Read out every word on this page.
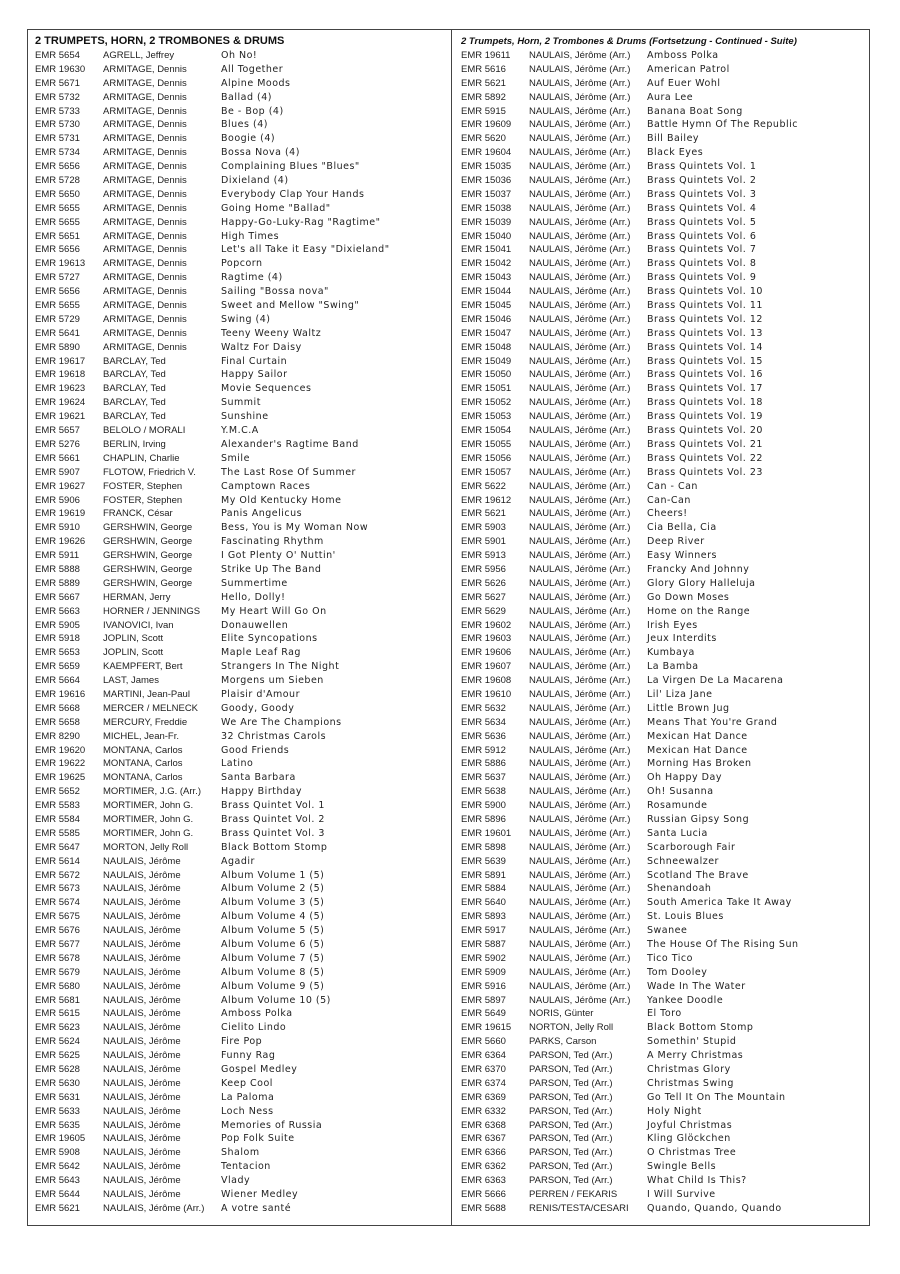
2 TRUMPETS, HORN, 2 TROMBONES & DRUMS
EMR 5654 AGRELL, Jeffrey	Oh No!
EMR 19630 ARMITAGE, Dennis	All Together
EMR 5671 ARMITAGE, Dennis	Alpine Moods
EMR 5732 ARMITAGE, Dennis	Ballad (4)
EMR 5733 ARMITAGE, Dennis	Be - Bop (4)
EMR 5730 ARMITAGE, Dennis	Blues (4)
EMR 5731 ARMITAGE, Dennis	Boogie (4)
EMR 5734 ARMITAGE, Dennis	Bossa Nova (4)
EMR 5656 ARMITAGE, Dennis	Complaining Blues "Blues"
EMR 5728 ARMITAGE, Dennis	Dixieland (4)
EMR 5650 ARMITAGE, Dennis	Everybody Clap Your Hands
EMR 5655 ARMITAGE, Dennis	Going Home "Ballad"
EMR 5655 ARMITAGE, Dennis	Happy-Go-Luky-Rag "Ragtime"
EMR 5651 ARMITAGE, Dennis	High Times
EMR 5656 ARMITAGE, Dennis	Let's all Take it Easy "Dixieland"
EMR 19613 ARMITAGE, Dennis	Popcorn
EMR 5727 ARMITAGE, Dennis	Ragtime (4)
EMR 5656 ARMITAGE, Dennis	Sailing "Bossa nova"
EMR 5655 ARMITAGE, Dennis	Sweet and Mellow "Swing"
EMR 5729 ARMITAGE, Dennis	Swing (4)
EMR 5641 ARMITAGE, Dennis	Teeny Weeny Waltz
EMR 5890 ARMITAGE, Dennis	Waltz For Daisy
EMR 19617 BARCLAY, Ted	Final Curtain
EMR 19618 BARCLAY, Ted	Happy Sailor
EMR 19623 BARCLAY, Ted	Movie Sequences
EMR 19624 BARCLAY, Ted	Summit
EMR 19621 BARCLAY, Ted	Sunshine
EMR 5657 BELOLO / MORALI	Y.M.C.A
EMR 5276 BERLIN, Irving	Alexander's Ragtime Band
EMR 5661 CHAPLIN, Charlie	Smile
EMR 5907 FLOTOW, Friedrich V.	The Last Rose Of Summer
EMR 19627 FOSTER, Stephen	Camptown Races
EMR 5906 FOSTER, Stephen	My Old Kentucky Home
EMR 19619 FRANCK, César	Panis Angelicus
EMR 5910 GERSHWIN, George	Bess, You is My Woman Now
EMR 19626 GERSHWIN, George	Fascinating Rhythm
EMR 5911	GERSHWIN, George	I Got Plenty O' Nuttin'
EMR 5888 GERSHWIN, George	Strike Up The Band
EMR 5889 GERSHWIN, George	Summertime
EMR 5667 HERMAN, Jerry	Hello, Dolly!
EMR 5663 HORNER / JENNINGS	My Heart Will Go On
EMR 5905 IVANOVICI, Ivan	Donauwellen
EMR 5918 JOPLIN, Scott	Elite Syncopations
EMR 5653 JOPLIN, Scott	Maple Leaf Rag
EMR 5659 KAEMPFERT, Bert	Strangers In The Night
EMR 5664 LAST, James	Morgens um Sieben
EMR 19616 MARTINI, Jean-Paul	Plaisir d'Amour
EMR 5668 MERCER / MELNECK	Goody, Goody
EMR 5658 MERCURY, Freddie	We Are The Champions
EMR 8290 MICHEL, Jean-Fr.	32 Christmas Carols
EMR 19620 MONTANA, Carlos	Good Friends
EMR 19622 MONTANA, Carlos	Latino
EMR 19625 MONTANA, Carlos	Santa Barbara
EMR 5652 MORTIMER, J.G. (Arr.)	Happy Birthday
EMR 5583 MORTIMER, John G.	Brass Quintet Vol. 1
EMR 5584 MORTIMER, John G.	Brass Quintet Vol. 2
EMR 5585 MORTIMER, John G.	Brass Quintet Vol. 3
EMR 5647 MORTON, Jelly Roll	Black Bottom Stomp
EMR 5614 NAULAIS, Jérôme	Agadir
EMR 5672 NAULAIS, Jérôme	Album Volume 1 (5)
EMR 5673 NAULAIS, Jérôme	Album Volume 2 (5)
EMR 5674 NAULAIS, Jérôme	Album Volume 3 (5)
EMR 5675 NAULAIS, Jérôme	Album Volume 4 (5)
EMR 5676 NAULAIS, Jérôme	Album Volume 5 (5)
EMR 5677 NAULAIS, Jérôme	Album Volume 6 (5)
EMR 5678 NAULAIS, Jérôme	Album Volume 7 (5)
EMR 5679 NAULAIS, Jérôme	Album Volume 8 (5)
EMR 5680 NAULAIS, Jérôme	Album Volume 9 (5)
EMR 5681 NAULAIS, Jérôme	Album Volume 10 (5)
EMR 5615 NAULAIS, Jérôme	Amboss Polka
EMR 5623 NAULAIS, Jérôme	Cielito Lindo
EMR 5624 NAULAIS, Jérôme	Fire Pop
EMR 5625 NAULAIS, Jérôme	Funny Rag
EMR 5628 NAULAIS, Jérôme	Gospel Medley
EMR 5630 NAULAIS, Jérôme	Keep Cool
EMR 5631 NAULAIS, Jérôme	La Paloma
EMR 5633 NAULAIS, Jérôme	Loch Ness
EMR 5635 NAULAIS, Jérôme	Memories of Russia
EMR 19605 NAULAIS, Jérôme	Pop Folk Suite
EMR 5908 NAULAIS, Jérôme	Shalom
EMR 5642 NAULAIS, Jérôme	Tentacion
EMR 5643 NAULAIS, Jérôme	Vlady
EMR 5644 NAULAIS, Jérôme	Wiener Medley
EMR 5621 NAULAIS, Jérôme (Arr.)	A votre santé
2 Trumpets, Horn, 2 Trombones & Drums (Fortsetzung - Continued - Suite)
EMR 19611 NAULAIS, Jérôme (Arr.)	Amboss Polka
EMR 5616 NAULAIS, Jérôme (Arr.)	American Patrol
EMR 5621 NAULAIS, Jérôme (Arr.)	Auf Euer Wohl
EMR 5892 NAULAIS, Jérôme (Arr.)	Aura Lee
EMR 5915 NAULAIS, Jérôme (Arr.)	Banana Boat Song
EMR 19609 NAULAIS, Jérôme (Arr.)	Battle Hymn Of The Republic
EMR 5620 NAULAIS, Jérôme (Arr.)	Bill Bailey
EMR 19604 NAULAIS, Jérôme (Arr.)	Black Eyes
EMR 15035 NAULAIS, Jérôme (Arr.)	Brass Quintets Vol. 1
EMR 15036 NAULAIS, Jérôme (Arr.)	Brass Quintets Vol. 2
EMR 15037 NAULAIS, Jérôme (Arr.)	Brass Quintets Vol. 3
EMR 15038 NAULAIS, Jérôme (Arr.)	Brass Quintets Vol. 4
EMR 15039 NAULAIS, Jérôme (Arr.)	Brass Quintets Vol. 5
EMR 15040 NAULAIS, Jérôme (Arr.)	Brass Quintets Vol. 6
EMR 15041 NAULAIS, Jérôme (Arr.)	Brass Quintets Vol. 7
EMR 15042 NAULAIS, Jérôme (Arr.)	Brass Quintets Vol. 8
EMR 15043 NAULAIS, Jérôme (Arr.)	Brass Quintets Vol. 9
EMR 15044 NAULAIS, Jérôme (Arr.)	Brass Quintets Vol. 10
EMR 15045 NAULAIS, Jérôme (Arr.)	Brass Quintets Vol. 11
EMR 15046 NAULAIS, Jérôme (Arr.)	Brass Quintets Vol. 12
EMR 15047 NAULAIS, Jérôme (Arr.)	Brass Quintets Vol. 13
EMR 15048 NAULAIS, Jérôme (Arr.)	Brass Quintets Vol. 14
EMR 15049 NAULAIS, Jérôme (Arr.)	Brass Quintets Vol. 15
EMR 15050 NAULAIS, Jérôme (Arr.)	Brass Quintets Vol. 16
EMR 15051 NAULAIS, Jérôme (Arr.)	Brass Quintets Vol. 17
EMR 15052 NAULAIS, Jérôme (Arr.)	Brass Quintets Vol. 18
EMR 15053 NAULAIS, Jérôme (Arr.)	Brass Quintets Vol. 19
EMR 15054 NAULAIS, Jérôme (Arr.)	Brass Quintets Vol. 20
EMR 15055 NAULAIS, Jérôme (Arr.)	Brass Quintets Vol. 21
EMR 15056 NAULAIS, Jérôme (Arr.)	Brass Quintets Vol. 22
EMR 15057 NAULAIS, Jérôme (Arr.)	Brass Quintets Vol. 23
EMR 5622 NAULAIS, Jérôme (Arr.)	Can - Can
EMR 19612 NAULAIS, Jérôme (Arr.)	Can-Can
EMR 5621 NAULAIS, Jérôme (Arr.)	Cheers!
EMR 5903 NAULAIS, Jérôme (Arr.)	Cia Bella, Cia
EMR 5901 NAULAIS, Jérôme (Arr.)	Deep River
EMR 5913 NAULAIS, Jérôme (Arr.)	Easy Winners
EMR 5956 NAULAIS, Jérôme (Arr.)	Francky And Johnny
EMR 5626 NAULAIS, Jérôme (Arr.)	Glory Glory Halleluja
EMR 5627 NAULAIS, Jérôme (Arr.)	Go Down Moses
EMR 5629 NAULAIS, Jérôme (Arr.)	Home on the Range
EMR 19602 NAULAIS, Jérôme (Arr.)	Irish Eyes
EMR 19603 NAULAIS, Jérôme (Arr.)	Jeux Interdits
EMR 19606 NAULAIS, Jérôme (Arr.)	Kumbaya
EMR 19607 NAULAIS, Jérôme (Arr.)	La Bamba
EMR 19608 NAULAIS, Jérôme (Arr.)	La Virgen De La Macarena
EMR 19610 NAULAIS, Jérôme (Arr.)	Lil' Liza Jane
EMR 5632 NAULAIS, Jérôme (Arr.)	Little Brown Jug
EMR 5634 NAULAIS, Jérôme (Arr.)	Means That You're Grand
EMR 5636 NAULAIS, Jérôme (Arr.)	Mexican Hat Dance
EMR 5912 NAULAIS, Jérôme (Arr.)	Mexican Hat Dance
EMR 5886 NAULAIS, Jérôme (Arr.)	Morning Has Broken
EMR 5637 NAULAIS, Jérôme (Arr.)	Oh Happy Day
EMR 5638 NAULAIS, Jérôme (Arr.)	Oh! Susanna
EMR 5900 NAULAIS, Jérôme (Arr.)	Rosamunde
EMR 5896 NAULAIS, Jérôme (Arr.)	Russian Gipsy Song
EMR 19601 NAULAIS, Jérôme (Arr.)	Santa Lucia
EMR 5898 NAULAIS, Jérôme (Arr.)	Scarborough Fair
EMR 5639 NAULAIS, Jérôme (Arr.)	Schneewalzer
EMR 5891 NAULAIS, Jérôme (Arr.)	Scotland The Brave
EMR 5884 NAULAIS, Jérôme (Arr.)	Shenandoah
EMR 5640 NAULAIS, Jérôme (Arr.)	South America Take It Away
EMR 5893 NAULAIS, Jérôme (Arr.)	St. Louis Blues
EMR 5917 NAULAIS, Jérôme (Arr.)	Swanee
EMR 5887 NAULAIS, Jérôme (Arr.)	The House Of The Rising Sun
EMR 5902 NAULAIS, Jérôme (Arr.)	Tico Tico
EMR 5909 NAULAIS, Jérôme (Arr.)	Tom Dooley
EMR 5916 NAULAIS, Jérôme (Arr.)	Wade In The Water
EMR 5897 NAULAIS, Jérôme (Arr.)	Yankee Doodle
EMR 5649 NORIS, Günter	El Toro
EMR 19615 NORTON, Jelly Roll	Black Bottom Stomp
EMR 5660 PARKS, Carson	Somethin' Stupid
EMR 6364 PARSON, Ted (Arr.)	A Merry Christmas
EMR 6370 PARSON, Ted (Arr.)	Christmas Glory
EMR 6374 PARSON, Ted (Arr.)	Christmas Swing
EMR 6369 PARSON, Ted (Arr.)	Go Tell It On The Mountain
EMR 6332 PARSON, Ted (Arr.)	Holy Night
EMR 6368 PARSON, Ted (Arr.)	Joyful Christmas
EMR 6367 PARSON, Ted (Arr.)	Kling Glöckchen
EMR 6366 PARSON, Ted (Arr.)	O Christmas Tree
EMR 6362 PARSON, Ted (Arr.)	Swingle Bells
EMR 6363 PARSON, Ted (Arr.)	What Child Is This?
EMR 5666 PERREN / FEKARIS	I Will Survive
EMR 5688 RENIS/TESTA/CESARI	Quando, Quando, Quando
